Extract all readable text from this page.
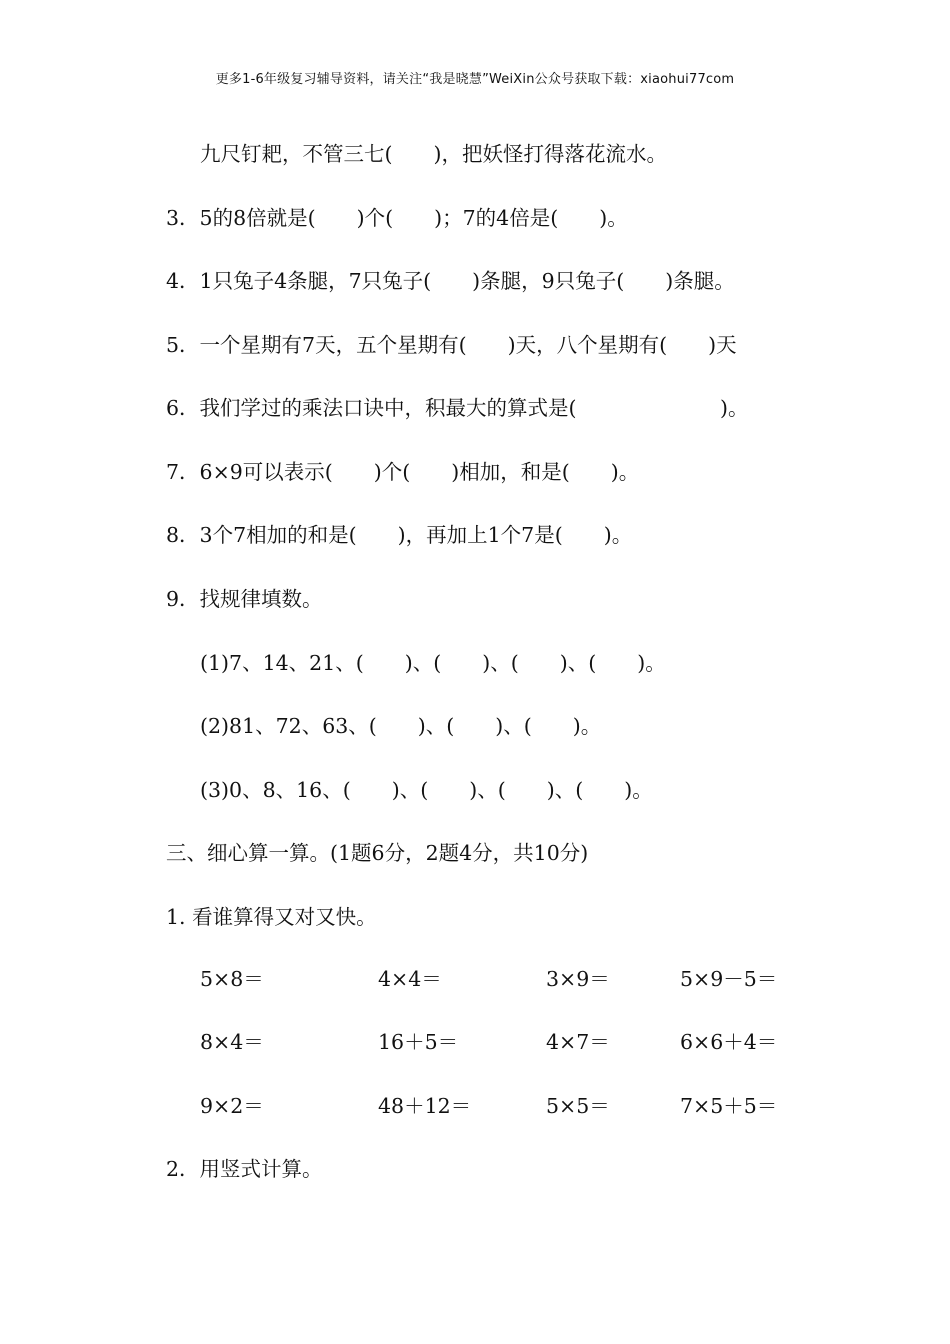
更多1-6年级复习辅导资料，请关注“我是晓慧”WeiXin公众号获取下载：xiaohui77com
九尺钉耙，不管三七(　　)，把妖怪打得落花流水。
3．5的8倍就是(　　)个(　　)；7的4倍是(　　)。
4．1只兔子4条腿，7只兔子(　　)条腿，9只兔子(　　)条腿。
5．一个星期有7天，五个星期有(　　)天，八个星期有(　　)天
6．我们学过的乘法口诀中，积最大的算式是(　　　　　　　)。
7．6×9可以表示(　　)个(　　)相加，和是(　　)。
8．3个7相加的和是(　　)，再加上1个7是(　　)。
9．找规律填数。
(1)7、14、21、(　　)、(　　)、(　　)、(　　)。
(2)81、72、63、(　　)、(　　)、(　　)。
(3)0、8、16、(　　)、(　　)、(　　)、(　　)。
三、细心算一算。(1题6分，2题4分，共10分)
1. 看谁算得又对又快。
5×8＝	4×4＝	3×9＝	5×9－5＝
8×4＝	16＋5＝	4×7＝	6×6＋4＝
9×2＝	48＋12＝	5×5＝	7×5＋5＝
2．用竖式计算。
